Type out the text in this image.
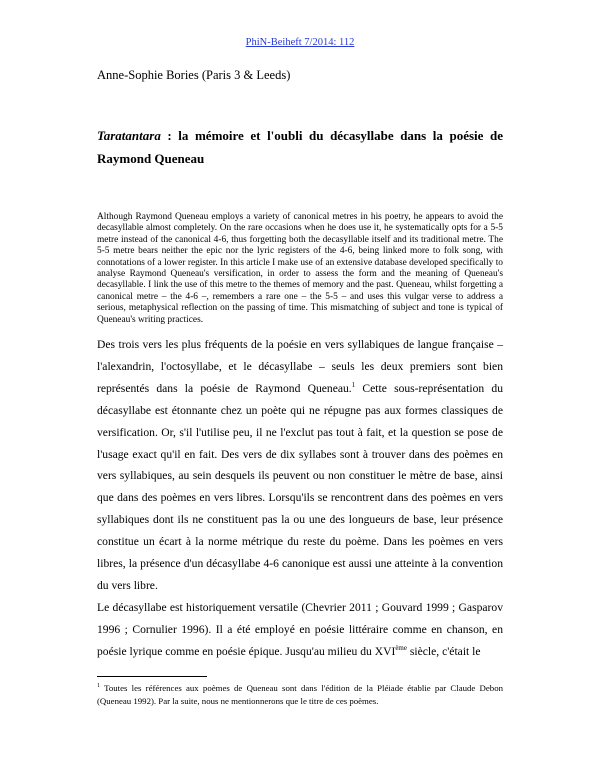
PhiN-Beiheft 7/2014: 112
Anne-Sophie Bories (Paris 3 & Leeds)
Taratantara : la mémoire et l'oubli du décasyllabe dans la poésie de Raymond Queneau

Although Raymond Queneau employs a variety of canonical metres in his poetry, he appears to avoid the decasyllable almost completely. On the rare occasions when he does use it, he systematically opts for a 5-5 metre instead of the canonical 4-6, thus forgetting both the decasyllable itself and its traditional metre. The 5-5 metre bears neither the epic nor the lyric registers of the 4-6, being linked more to folk song, with connotations of a lower register. In this article I make use of an extensive database developed specifically to analyse Raymond Queneau's versification, in order to assess the form and the meaning of Queneau's decasyllable. I link the use of this metre to the themes of memory and the past. Queneau, whilst forgetting a canonical metre – the 4-6 –, remembers a rare one – the 5-5 – and uses this vulgar verse to address a serious, metaphysical reflection on the passing of time. This mismatching of subject and tone is typical of Queneau's writing practices.

Des trois vers les plus fréquents de la poésie en vers syllabiques de langue française – l'alexandrin, l'octosyllabe, et le décasyllabe – seuls les deux premiers sont bien représentés dans la poésie de Raymond Queneau.$^1$ Cette sous-représentation du décasyllabe est étonnante chez un poète qui ne répugne pas aux formes classiques de versification. Or, s'il l'utilise peu, il ne l'exclut pas tout à fait, et la question se pose de l'usage exact qu'il en fait. Des vers de dix syllabes sont à trouver dans des poèmes en vers syllabiques, au sein desquels ils peuvent ou non constituer le mètre de base, ainsi que dans des poèmes en vers libres. Lorsqu'ils se rencontrent dans des poèmes en vers syllabiques dont ils ne constituent pas la ou une des longueurs de base, leur présence constitue un écart à la norme métrique du reste du poème. Dans les poèmes en vers libres, la présence d'un décasyllabe 4-6 canonique est aussi une atteinte à la convention du vers libre.

Le décasyllabe est historiquement versatile (Chevrier 2011 ; Gouvard 1999 ; Gasparov 1996 ; Cornulier 1996). Il a été employé en poésie littéraire comme en chanson, en poésie lyrique comme en poésie épique. Jusqu'au milieu du XVIème siècle, c'était le

$^1$ Toutes les références aux poèmes de Queneau sont dans l'édition de la Pléiade établie par Claude Debon (Queneau 1992). Par la suite, nous ne mentionnerons que le titre de ces poèmes.
